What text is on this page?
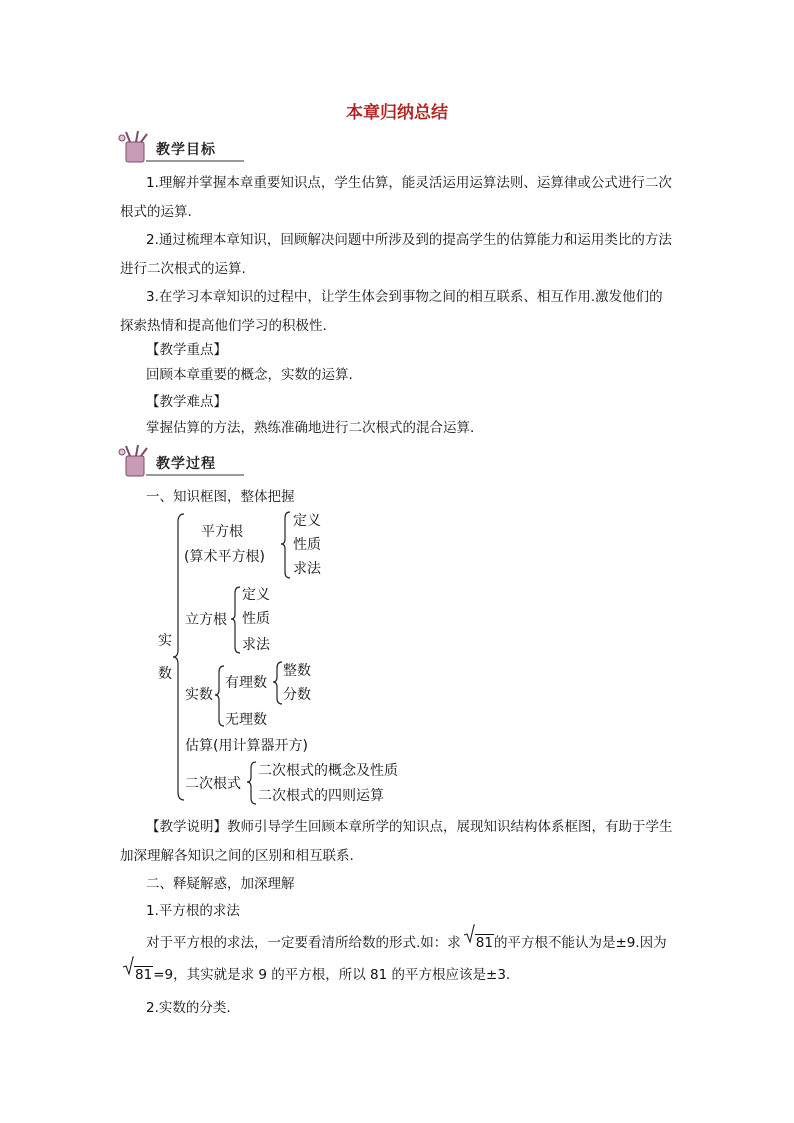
本章归纳总结
教学目标
1.理解并掌握本章重要知识点，学生估算，能灵活运用运算法则、运算律或公式进行二次根式的运算.
2.通过梳理本章知识，回顾解决问题中所涉及到的提高学生的估算能力和运用类比的方法进行二次根式的运算.
3.在学习本章知识的过程中，让学生体会到事物之间的相互联系、相互作用.激发他们的探索热情和提高他们学习的积极性.
【教学重点】
回顾本章重要的概念，实数的运算.
【教学难点】
掌握估算的方法，熟练准确地进行二次根式的混合运算.
教学过程
一、知识框图，整体把握
实
数
平方根
(算术平方根)
定义
性质
求法
立方根
定义
性质
求法
实数
有理数
整数
分数
无理数
估算(用计算器开方)
二次根式
二次根式的概念及性质
二次根式的四则运算
【教学说明】教师引导学生回顾本章所学的知识点，展现知识结构体系框图，有助于学生加深理解各知识之间的区别和相互联系.
二、释疑解惑，加深理解
1.平方根的求法
对于平方根的求法，一定要看清所给数的形式.如：求 81的平方根不能认为是±9.因为
81=9，其实就是求 9 的平方根，所以 81 的平方根应该是±3.
2.实数的分类.
